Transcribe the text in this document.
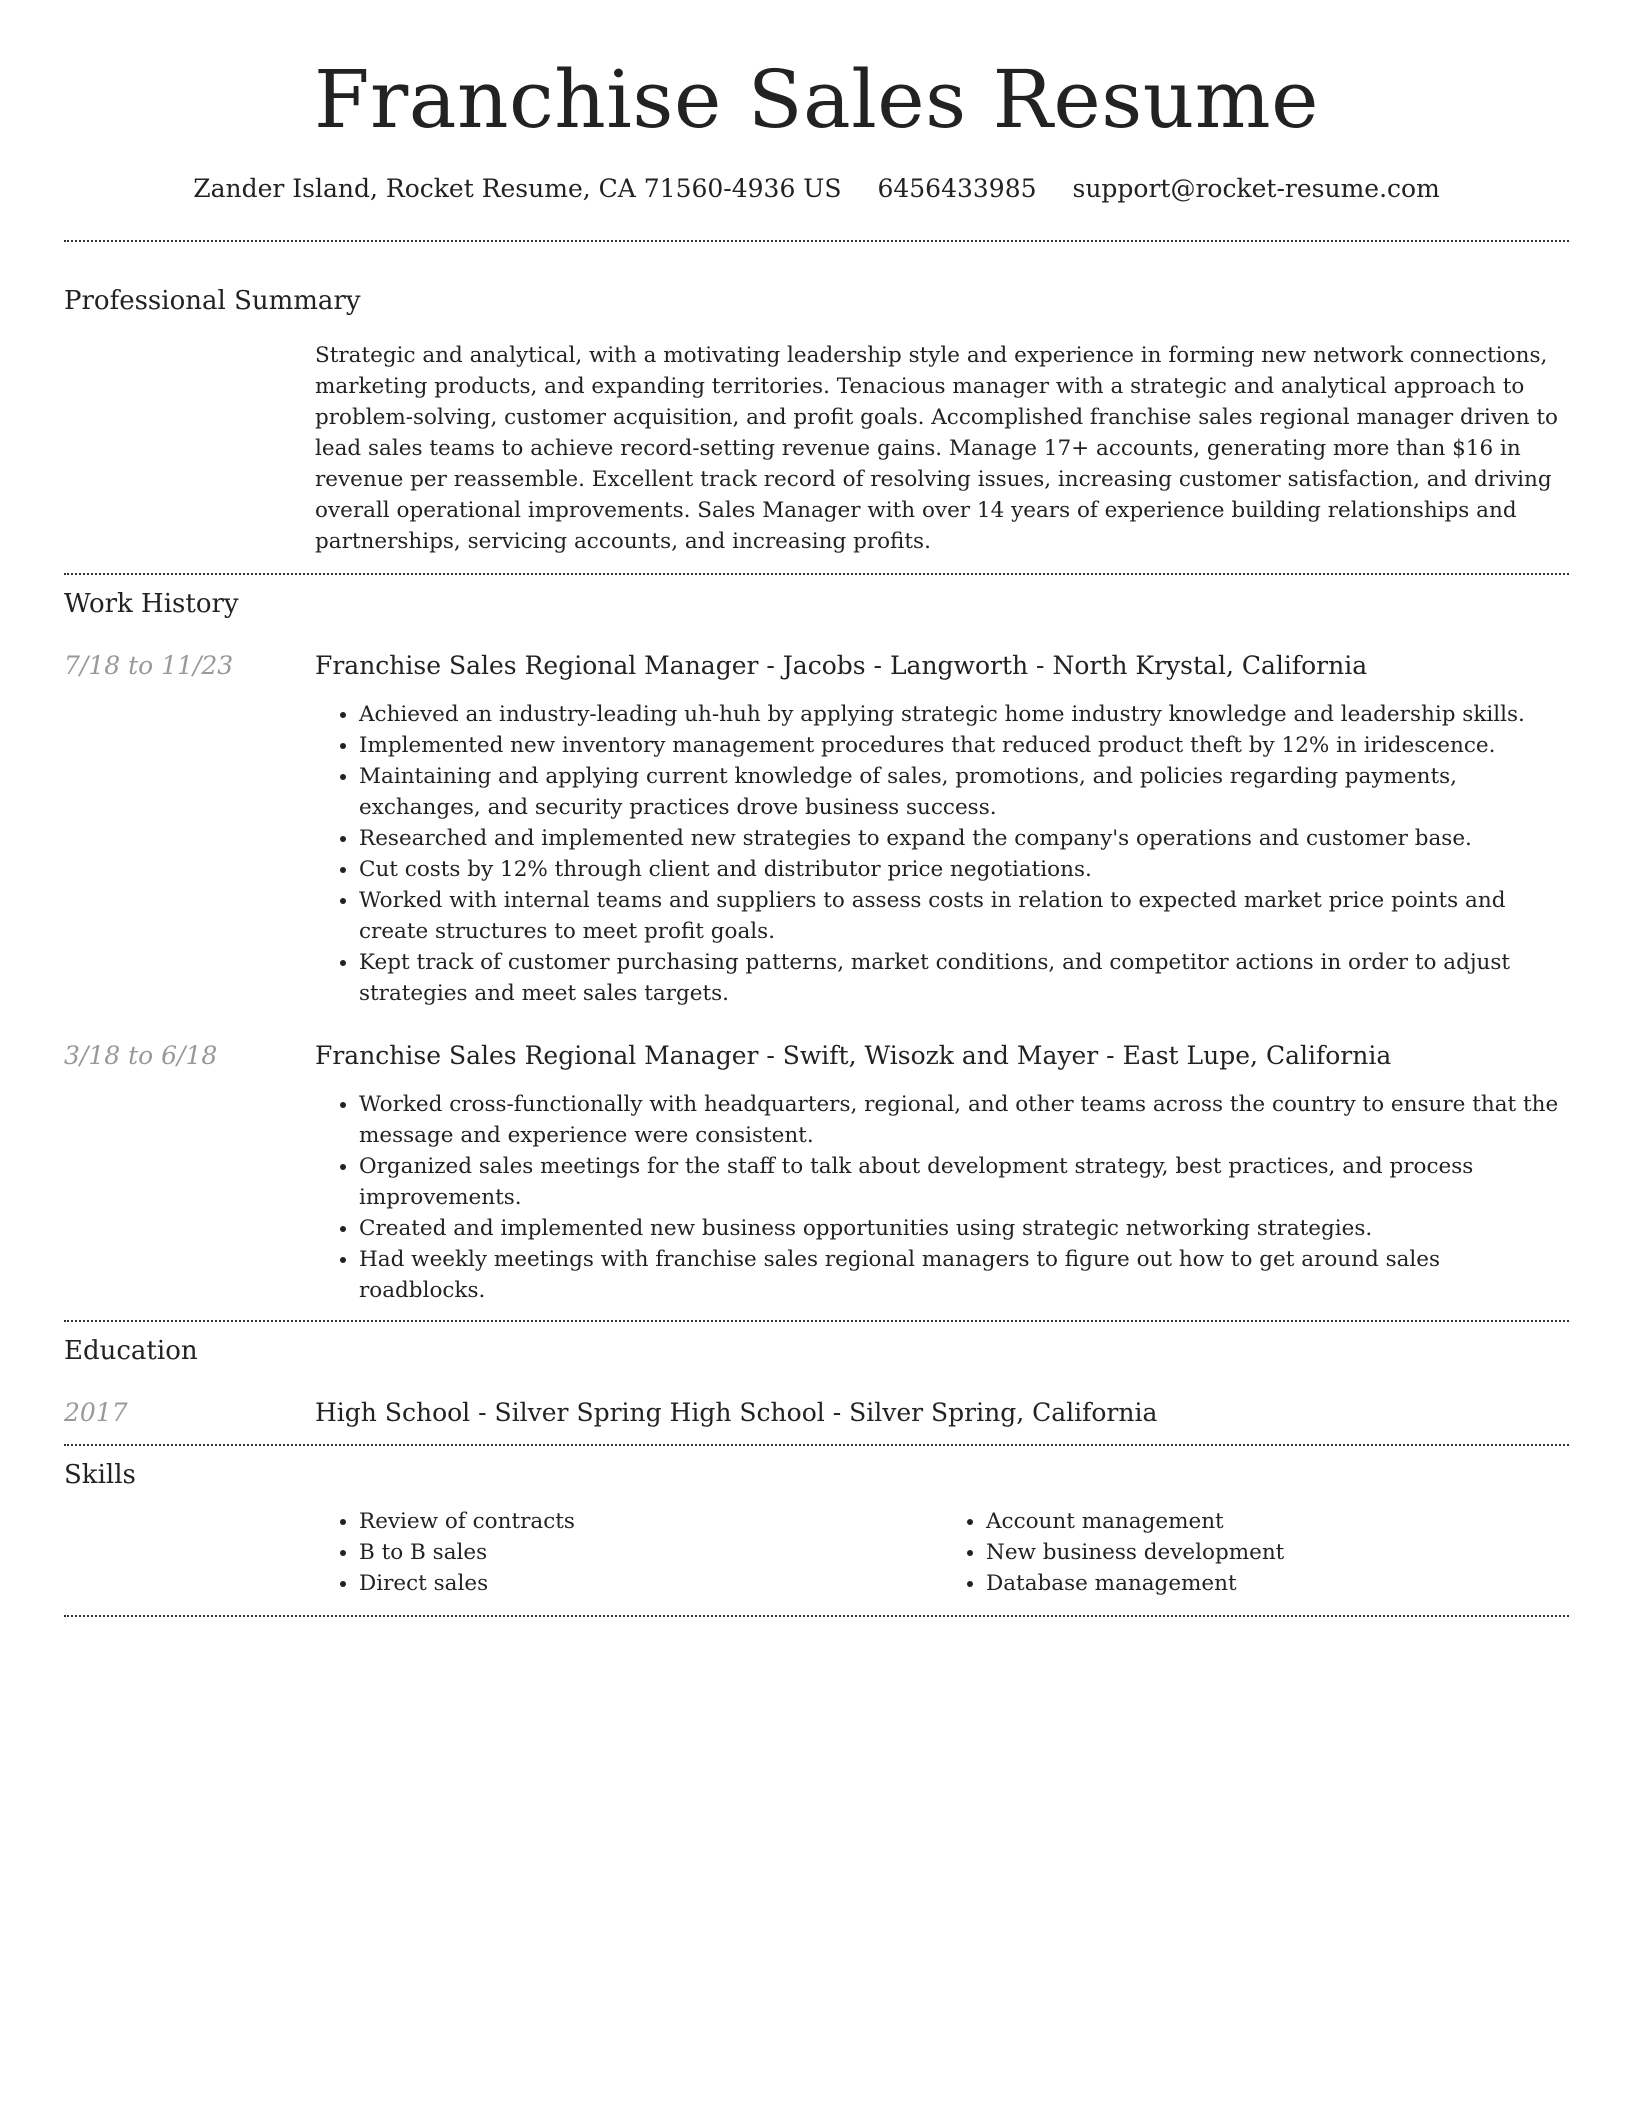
Franchise Sales Resume
Zander Island, Rocket Resume, CA 71560-4936 US 6456433985 support@rocket-resume.com
Professional Summary
Strategic and analytical, with a motivating leadership style and experience in forming new network connections, marketing products, and expanding territories. Tenacious manager with a strategic and analytical approach to problem-solving, customer acquisition, and profit goals. Accomplished franchise sales regional manager driven to lead sales teams to achieve record-setting revenue gains. Manage 17+ accounts, generating more than $16 in revenue per reassemble. Excellent track record of resolving issues, increasing customer satisfaction, and driving overall operational improvements. Sales Manager with over 14 years of experience building relationships and partnerships, servicing accounts, and increasing profits.
Work History
7/18 to 11/23	Franchise Sales Regional Manager - Jacobs - Langworth - North Krystal, California
• Achieved an industry-leading uh-huh by applying strategic home industry knowledge and leadership skills.
• Implemented new inventory management procedures that reduced product theft by 12% in iridescence.
• Maintaining and applying current knowledge of sales, promotions, and policies regarding payments, exchanges, and security practices drove business success.
• Researched and implemented new strategies to expand the company's operations and customer base.
• Cut costs by 12% through client and distributor price negotiations.
• Worked with internal teams and suppliers to assess costs in relation to expected market price points and create structures to meet profit goals.
• Kept track of customer purchasing patterns, market conditions, and competitor actions in order to adjust strategies and meet sales targets.
3/18 to 6/18	Franchise Sales Regional Manager - Swift, Wisozk and Mayer - East Lupe, California
• Worked cross-functionally with headquarters, regional, and other teams across the country to ensure that the message and experience were consistent.
• Organized sales meetings for the staff to talk about development strategy, best practices, and process improvements.
• Created and implemented new business opportunities using strategic networking strategies.
• Had weekly meetings with franchise sales regional managers to figure out how to get around sales roadblocks.
Education
2017	High School - Silver Spring High School - Silver Spring, California
Skills
• Review of contracts
• B to B sales
• Direct sales
• Account management
• New business development
• Database management
